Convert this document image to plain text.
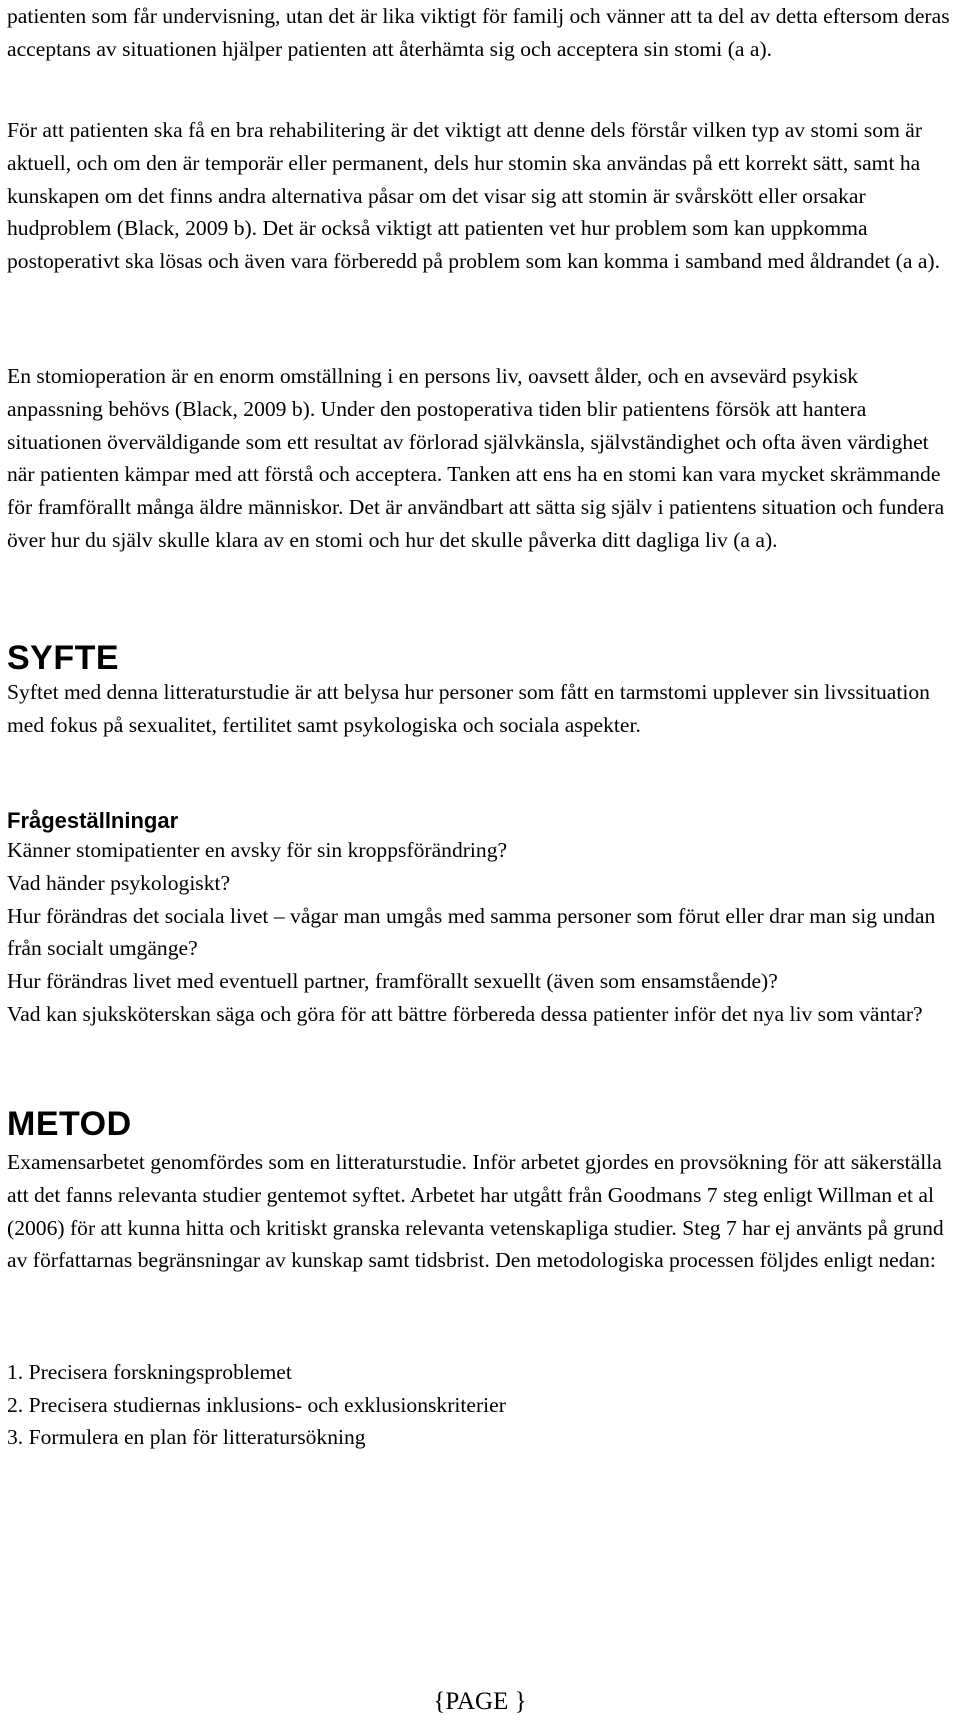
patienten som får undervisning, utan det är lika viktigt för familj och vänner att ta del av detta eftersom deras acceptans av situationen hjälper patienten att återhämta sig och acceptera sin stomi (a a).

För att patienten ska få en bra rehabilitering är det viktigt att denne dels förstår vilken typ av stomi som är aktuell, och om den är temporär eller permanent, dels hur stomin ska användas på ett korrekt sätt, samt ha kunskapen om det finns andra alternativa påsar om det visar sig att stomin är svårskött eller orsakar hudproblem (Black, 2009 b). Det är också viktigt att patienten vet hur problem som kan uppkomma postoperativt ska lösas och även vara förberedd på problem som kan komma i samband med åldrandet (a a).

En stomioperation är en enorm omställning i en persons liv, oavsett ålder, och en avsevärd psykisk anpassning behövs (Black, 2009 b). Under den postoperativa tiden blir patientens försök att hantera situationen överväldigande som ett resultat av förlorad självkänsla, självständighet och ofta även värdighet när patienten kämpar med att förstå och acceptera. Tanken att ens ha en stomi kan vara mycket skrämmande för framförallt många äldre människor. Det är användbart att sätta sig själv i patientens situation och fundera över hur du själv skulle klara av en stomi och hur det skulle påverka ditt dagliga liv (a a).

SYFTE

Syftet med denna litteraturstudie är att belysa hur personer som fått en tarmstomi upplever sin livssituation med fokus på sexualitet, fertilitet samt psykologiska och sociala aspekter.

Frågeställningar
Känner stomipatienter en avsky för sin kroppsförändring?
Vad händer psykologiskt?
Hur förändras det sociala livet – vågar man umgås med samma personer som förut eller drar man sig undan från socialt umgänge?
Hur förändras livet med eventuell partner, framförallt sexuellt (även som ensamstående)?
Vad kan sjuksköterskan säga och göra för att bättre förbereda dessa patienter inför det nya liv som väntar?
METOD

Examensarbetet genomfördes som en litteraturstudie. Inför arbetet gjordes en provsökning för att säkerställa att det fanns relevanta studier gentemot syftet. Arbetet har utgått från Goodmans 7 steg enligt Willman et al (2006) för att kunna hitta och kritiskt granska relevanta vetenskapliga studier. Steg 7 har ej använts på grund av författarnas begränsningar av kunskap samt tidsbrist. Den metodologiska processen följdes enligt nedan:

1. Precisera forskningsproblemet
2. Precisera studiernas inklusions- och exklusionskriterier
3. Formulera en plan för litteratursökning
{PAGE }
